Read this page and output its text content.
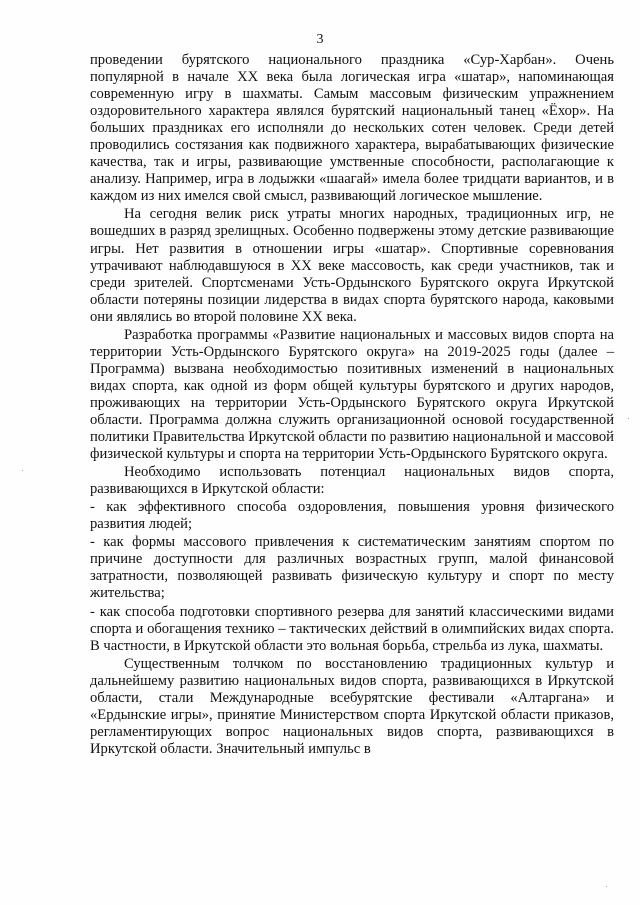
3

проведении бурятского национального праздника «Сур-Харбан». Очень популярной в начале XX века была логическая игра «шатар», напоминающая современную игру в шахматы. Самым массовым физическим упражнением оздоровительного характера являлся бурятский национальный танец «Ёхор». На больших праздниках его исполняли до нескольких сотен человек. Среди детей проводились состязания как подвижного характера, вырабатывающих физические качества, так и игры, развивающие умственные способности, располагающие к анализу. Например, игра в лодыжки «шаагай» имела более тридцати вариантов, и в каждом из них имелся свой смысл, развивающий логическое мышление.

На сегодня велик риск утраты многих народных, традиционных игр, не вошедших в разряд зрелищных. Особенно подвержены этому детские развивающие игры. Нет развития в отношении игры «шатар». Спортивные соревнования утрачивают наблюдавшуюся в XX веке массовость, как среди участников, так и среди зрителей. Спортсменами Усть-Ордынского Бурятского округа Иркутской области потеряны позиции лидерства в видах спорта бурятского народа, каковыми они являлись во второй половине XX века.

Разработка программы «Развитие национальных и массовых видов спорта на территории Усть-Ордынского Бурятского округа» на 2019-2025 годы (далее – Программа) вызвана необходимостью позитивных изменений в национальных видах спорта, как одной из форм общей культуры бурятского и других народов, проживающих на территории Усть-Ордынского Бурятского округа Иркутской области. Программа должна служить организационной основой государственной политики Правительства Иркутской области по развитию национальной и массовой физической культуры и спорта на территории Усть-Ордынского Бурятского округа.

Необходимо использовать потенциал национальных видов спорта, развивающихся в Иркутской области:

- как эффективного способа оздоровления, повышения уровня физического развития людей;

- как формы массового привлечения к систематическим занятиям спортом по причине доступности для различных возрастных групп, малой финансовой затратности, позволяющей развивать физическую культуру и спорт по месту жительства;

- как способа подготовки спортивного резерва для занятий классическими видами спорта и обогащения технико – тактических действий в олимпийских видах спорта. В частности, в Иркутской области это вольная борьба, стрельба из лука, шахматы.

Существенным толчком по восстановлению традиционных культур и дальнейшему развитию национальных видов спорта, развивающихся в Иркутской области, стали Международные всебурятские фестивали «Алтаргана» и «Ердынские игры», принятие Министерством спорта Иркутской области приказов, регламентирующих вопрос национальных видов спорта, развивающихся в Иркутской области. Значительный импульс в
